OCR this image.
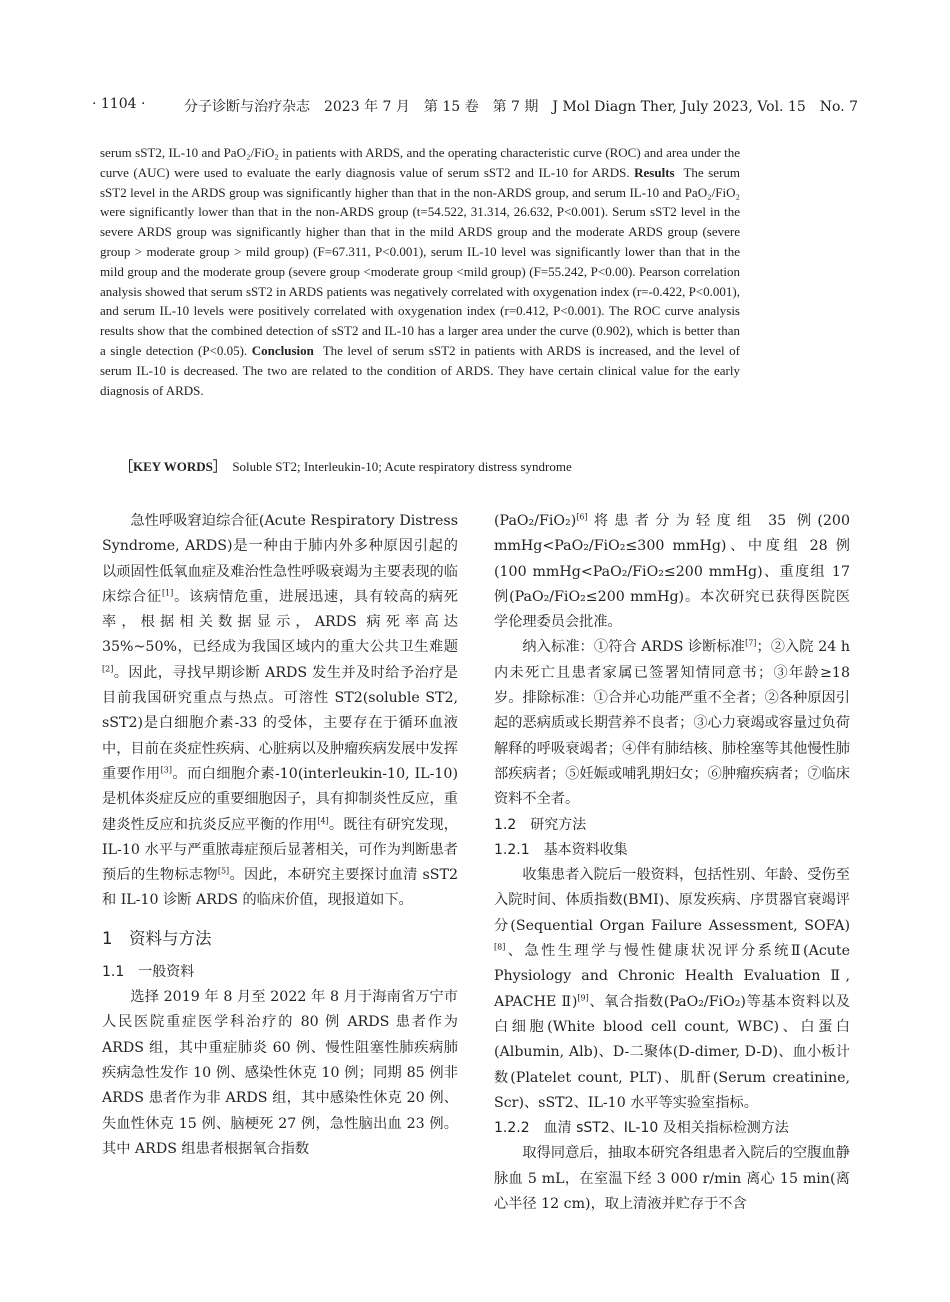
· 1104 ·	分子诊断与治疗杂志　2023 年 7 月　第 15 卷　第 7 期　J Mol Diagn Ther, July 2023, Vol. 15　No. 7
serum sST2, IL-10 and PaO₂/FiO₂ in patients with ARDS, and the operating characteristic curve (ROC) and area under the curve (AUC) were used to evaluate the early diagnosis value of serum sST2 and IL-10 for ARDS. Results The serum sST2 level in the ARDS group was significantly higher than that in the non-ARDS group, and serum IL-10 and PaO₂/FiO₂ were significantly lower than that in the non-ARDS group (t=54.522, 31.314, 26.632, P<0.001). Serum sST2 level in the severe ARDS group was significantly higher than that in the mild ARDS group and the moderate ARDS group (severe group > moderate group > mild group) (F=67.311, P<0.001), serum IL-10 level was significantly lower than that in the mild group and the moderate group (severe group <moderate group <mild group) (F=55.242, P<0.00). Pearson correlation analysis showed that serum sST2 in ARDS patients was negatively correlated with oxygenation index (r=-0.422, P<0.001), and serum IL-10 levels were positively correlated with oxygenation index (r=0.412, P<0.001). The ROC curve analysis results show that the combined detection of sST2 and IL-10 has a larger area under the curve (0.902), which is better than a single detection (P<0.05). Conclusion The level of serum sST2 in patients with ARDS is increased, and the level of serum IL-10 is decreased. The two are related to the condition of ARDS. They have certain clinical value for the early diagnosis of ARDS.
［KEY WORDS］ Soluble ST2; Interleukin-10; Acute respiratory distress syndrome

急性呼吸窘迫综合征(Acute Respiratory Distress Syndrome, ARDS)是一种由于肺内外多种原因引起的以顽固性低氧血症及难治性急性呼吸衰竭为主要表现的临床综合征[1]。该病情危重，进展迅速，具有较高的病死率，根据相关数据显示，ARDS 病死率高达 35%~50%，已经成为我国区域内的重大公共卫生难题[2]。因此，寻找早期诊断 ARDS 发生并及时给予治疗是目前我国研究重点与热点。可溶性 ST2(soluble ST2, sST2)是白细胞介素-33 的受体，主要存在于循环血液中，目前在炎症性疾病、心脏病以及肿瘤疾病发展中发挥重要作用[3]。而白细胞介素-10(interleukin-10, IL-10)是机体炎症反应的重要细胞因子，具有抑制炎性反应，重建炎性反应和抗炎反应平衡的作用[4]。既往有研究发现，IL-10 水平与严重脓毒症预后显著相关，可作为判断患者预后的生物标志物[5]。因此，本研究主要探讨血清 sST2 和 IL-10 诊断 ARDS 的临床价值，现报道如下。

1　资料与方法
1.1　一般资料

选择 2019 年 8 月至 2022 年 8 月于海南省万宁市人民医院重症医学科治疗的 80 例 ARDS 患者作为 ARDS 组，其中重症肺炎 60 例、慢性阻塞性肺疾病肺疾病急性发作 10 例、感染性休克 10 例；同期 85 例非 ARDS 患者作为非 ARDS 组，其中感染性休克 20 例、失血性休克 15 例、脑梗死 27 例，急性脑出血 23 例。其中 ARDS 组患者根据氧合指数

(PaO₂/FiO₂)[6]将患者分为轻度组 35 例(200 mmHg<PaO₂/FiO₂≤300 mmHg)、中度组 28 例(100 mmHg<PaO₂/FiO₂≤200 mmHg)、重度组 17 例(PaO₂/FiO₂≤200 mmHg)。本次研究已获得医院医学伦理委员会批准。

纳入标准：①符合 ARDS 诊断标准[7]；②入院 24 h 内未死亡且患者家属已签署知情同意书；③年龄≥18 岁。排除标准：①合并心功能严重不全者；②各种原因引起的恶病质或长期营养不良者；③心力衰竭或容量过负荷解释的呼吸衰竭者；④伴有肺结核、肺栓塞等其他慢性肺部疾病者；⑤妊娠或哺乳期妇女；⑥肿瘤疾病者；⑦临床资料不全者。

1.2　研究方法
1.2.1　基本资料收集

收集患者入院后一般资料，包括性别、年龄、受伤至入院时间、体质指数(BMI)、原发疾病、序贯器官衰竭评分(Sequential Organ Failure Assessment, SOFA)[8]、急性生理学与慢性健康状况评分系统Ⅱ(Acute Physiology and Chronic Health Evaluation Ⅱ, APACHE Ⅱ)[9]、氧合指数(PaO₂/FiO₂)等基本资料以及白细胞(White blood cell count, WBC)、白蛋白(Albumin, Alb)、D-二聚体(D-dimer, D-D)、血小板计数(Platelet count, PLT)、肌酐(Serum creatinine, Scr)、sST2、IL-10 水平等实验室指标。

1.2.2　血清 sST2、IL-10 及相关指标检测方法

取得同意后，抽取本研究各组患者入院后的空腹血静脉血 5 mL，在室温下经 3 000 r/min 离心 15 min(离心半径 12 cm)，取上清液并贮存于不含
